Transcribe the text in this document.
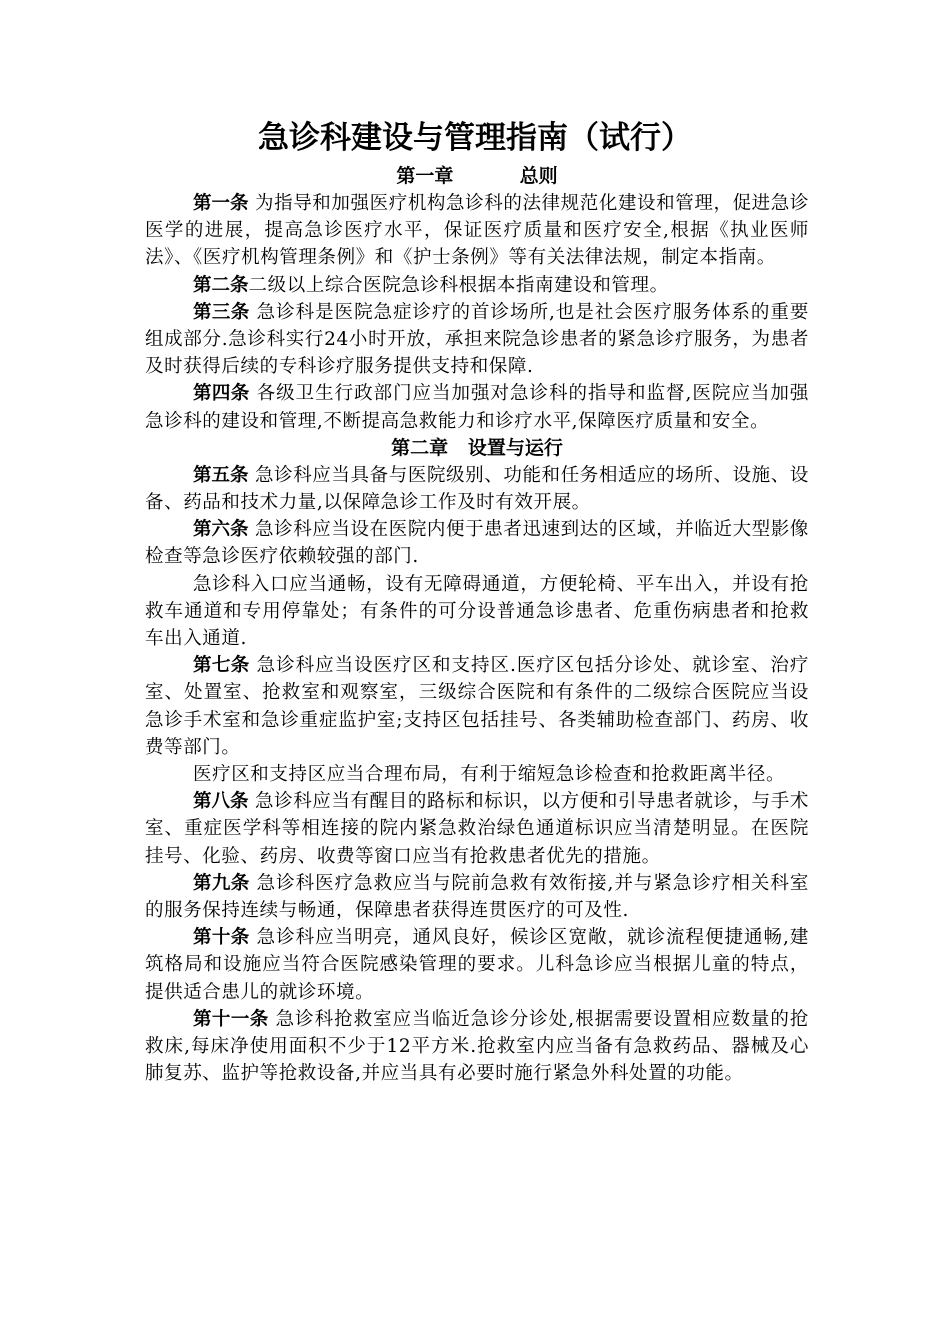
急诊科建设与管理指南（试行）
第一章          总则

第一条 为指导和加强医疗机构急诊科的法律规范化建设和管理，促进急诊医学的进展，提高急诊医疗水平，保证医疗质量和医疗安全,根据《执业医师法》、《医疗机构管理条例》和《护士条例》等有关法律法规，制定本指南。

第二条二级以上综合医院急诊科根据本指南建设和管理。

第三条 急诊科是医院急症诊疗的首诊场所,也是社会医疗服务体系的重要组成部分.急诊科实行24小时开放，承担来院急诊患者的紧急诊疗服务，为患者及时获得后续的专科诊疗服务提供支持和保障.

第四条 各级卫生行政部门应当加强对急诊科的指导和监督,医院应当加强急诊科的建设和管理,不断提高急救能力和诊疗水平,保障医疗质量和安全。

第二章   设置与运行

第五条 急诊科应当具备与医院级别、功能和任务相适应的场所、设施、设备、药品和技术力量,以保障急诊工作及时有效开展。

第六条 急诊科应当设在医院内便于患者迅速到达的区域，并临近大型影像检查等急诊医疗依赖较强的部门.

急诊科入口应当通畅，设有无障碍通道，方便轮椅、平车出入，并设有抢救车通道和专用停靠处；有条件的可分设普通急诊患者、危重伤病患者和抢救车出入通道.

第七条 急诊科应当设医疗区和支持区.医疗区包括分诊处、就诊室、治疗室、处置室、抢救室和观察室，三级综合医院和有条件的二级综合医院应当设急诊手术室和急诊重症监护室;支持区包括挂号、各类辅助检查部门、药房、收费等部门。

医疗区和支持区应当合理布局，有利于缩短急诊检查和抢救距离半径。

第八条 急诊科应当有醒目的路标和标识，以方便和引导患者就诊，与手术室、重症医学科等相连接的院内紧急救治绿色通道标识应当清楚明显。在医院挂号、化验、药房、收费等窗口应当有抢救患者优先的措施。

第九条 急诊科医疗急救应当与院前急救有效衔接,并与紧急诊疗相关科室的服务保持连续与畅通，保障患者获得连贯医疗的可及性.

第十条 急诊科应当明亮，通风良好，候诊区宽敞，就诊流程便捷通畅,建筑格局和设施应当符合医院感染管理的要求。儿科急诊应当根据儿童的特点，提供适合患儿的就诊环境。

第十一条 急诊科抢救室应当临近急诊分诊处,根据需要设置相应数量的抢救床,每床净使用面积不少于12平方米.抢救室内应当备有急救药品、器械及心肺复苏、监护等抢救设备,并应当具有必要时施行紧急外科处置的功能。
